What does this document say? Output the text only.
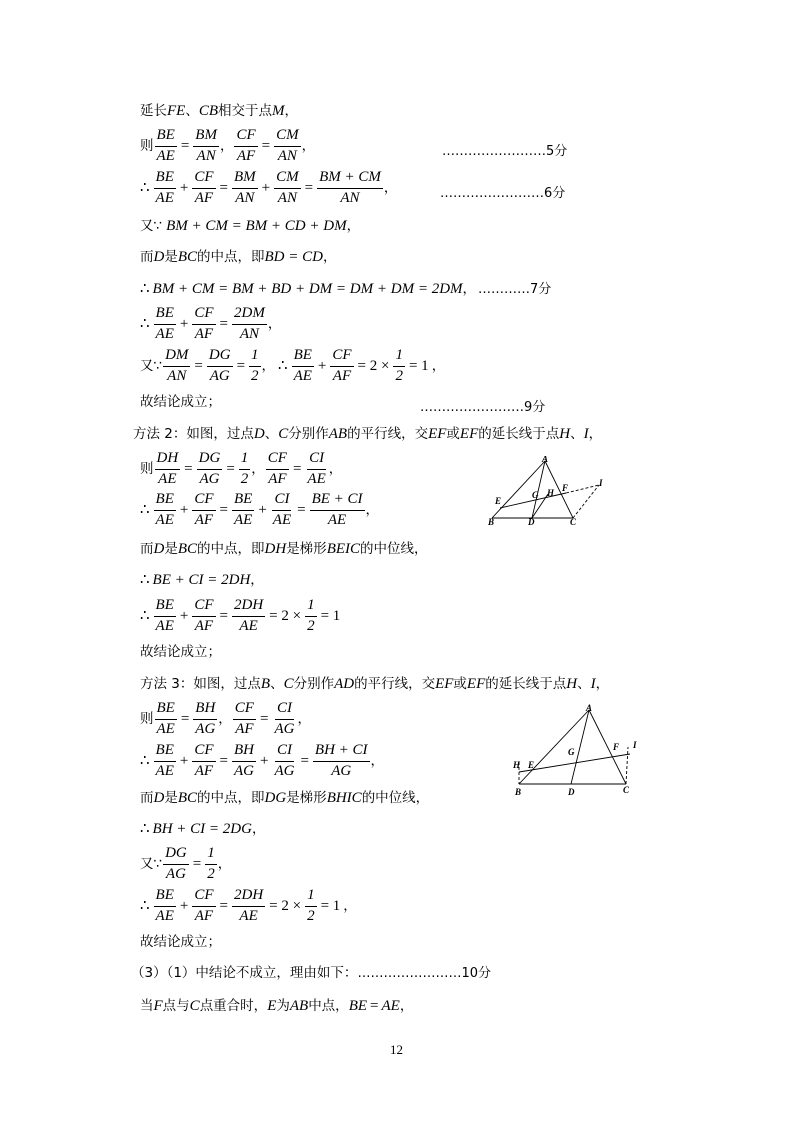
延长 FE 、 CB 相交于点 M ，
则 $\frac{BE}{AE} = \frac{BM}{AN}$ ， $\frac{CF}{AF} = \frac{CM}{AN}$ ，	……………………5分
∴ $\frac{BE}{AE} + \frac{CF}{AF} = \frac{BM}{AN} + \frac{CM}{AN} = \frac{BM + CM}{AN}$ ，	……………………6分
又∵ BM + CM = BM + CD + DM ，
而 D 是 BC 的中点，即 BD = CD ，
∴ BM + CM = BM + BD + DM = DM + DM = 2DM ， …………7分
∴ $\frac{BE}{AE} + \frac{CF}{AF} = \frac{2DM}{AN}$ ，
又∵ $\frac{DM}{AN} = \frac{DG}{AG} = \frac{1}{2}$ ， ∴ $\frac{BE}{AE} + \frac{CF}{AF} = 2 \times \frac{1}{2} = 1$ ，
故结论成立；	……………………9分
方法 2：如图，过点 D 、 C 分别作 AB 的平行线，交 EF 或 EF 的延长线于点 H 、 I ，
则 $\frac{DH}{AE} = \frac{DG}{AG} = \frac{1}{2}$ ， $\frac{CF}{AF} = \frac{CI}{AE}$ ，
∴ $\frac{BE}{AE} + \frac{CF}{AF} = \frac{BE}{AE} + \frac{CI}{AE} = \frac{BE + CI}{AE}$ ，
A
E
G H F	I
B	D	C
而 D 是 BC 的中点，即 DH 是梯形 BEIC 的中位线，
∴ BE + CI = 2DH ，
∴ $\frac{BE}{AE} + \frac{CF}{AF} = \frac{2DH}{AE} = 2 \times \frac{1}{2} = 1$
故结论成立；
方法 3：如图，过点 B 、 C 分别作 AD 的平行线，交 EF 或 EF 的延长线于点 H 、 I ，
则 $\frac{BE}{AE} = \frac{BH}{AG}$ ， $\frac{CF}{AF} = \frac{CI}{AG}$ ，
∴ $\frac{BE}{AE} + \frac{CF}{AF} = \frac{BH}{AG} + \frac{CI}{AG} = \frac{BH + CI}{AG}$ ，
A
G	F I
H E
B	D	C
而 D 是 BC 的中点，即 DG 是梯形 BHIC 的中位线，
∴ BH + CI = 2DG ，
又∵ $\frac{DG}{AG} = \frac{1}{2}$ ，
∴ $\frac{BE}{AE} + \frac{CF}{AF} = \frac{2DH}{AE} = 2 \times \frac{1}{2} = 1$ ，
故结论成立；
（3）（1）中结论不成立，理由如下： ……………………10分
当 F 点与 C 点重合时， E 为 AB 中点， BE = AE ，
12
